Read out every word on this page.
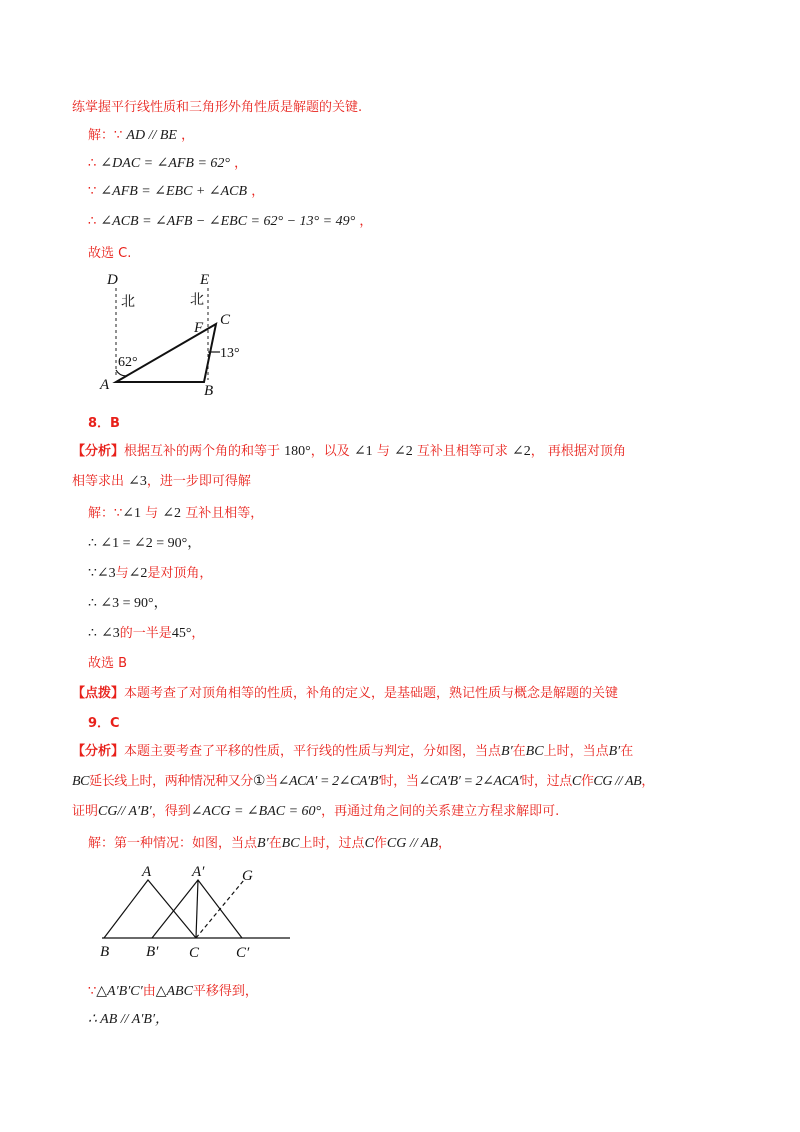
练掌握平行线性质和三角形外角性质是解题的关键.
解：∵ AD // BE ，
∴ ∠DAC = ∠AFB = 62° ，
∵ ∠AFB = ∠EBC + ∠ACB ，
∴ ∠ACB = ∠AFB − ∠EBC = 62° − 13° = 49° ，
故选 C.
D	E
C
F
A	B
北	北
62°
13°
8．B
【分析】根据互补的两个角的和等于 180°，以及 ∠1 与 ∠2 互补且相等可求 ∠2， 再根据对顶角
相等求出 ∠3，进一步即可得解
解：∵∠1 与 ∠2 互补且相等，
∴ ∠1 = ∠2 = 90°，
∵∠3与∠2是对顶角，
∴ ∠3 = 90°，
∴ ∠3的一半是45°，
故选 B
【点拨】本题考查了对顶角相等的性质，补角的定义，是基础题，熟记性质与概念是解题的关键
9．C
【分析】本题主要考查了平移的性质，平行线的性质与判定，分如图，当点B′在BC上时，当点B′在
BC延长线上时，两种情况种又分①当∠ACA′ = 2∠CA′B′时，当∠CA′B′ = 2∠ACA′时，过点C作CG // AB，
证明CG// A′B′，得到∠ACG = ∠BAC = 60°，再通过角之间的关系建立方程求解即可.
解：第一种情况：如图，当点B′在BC上时，过点C作CG // AB，
A	A′	G
B B′ C C′
∵△A′B′C′由△ABC平移得到，
∴ AB // A′B′，
